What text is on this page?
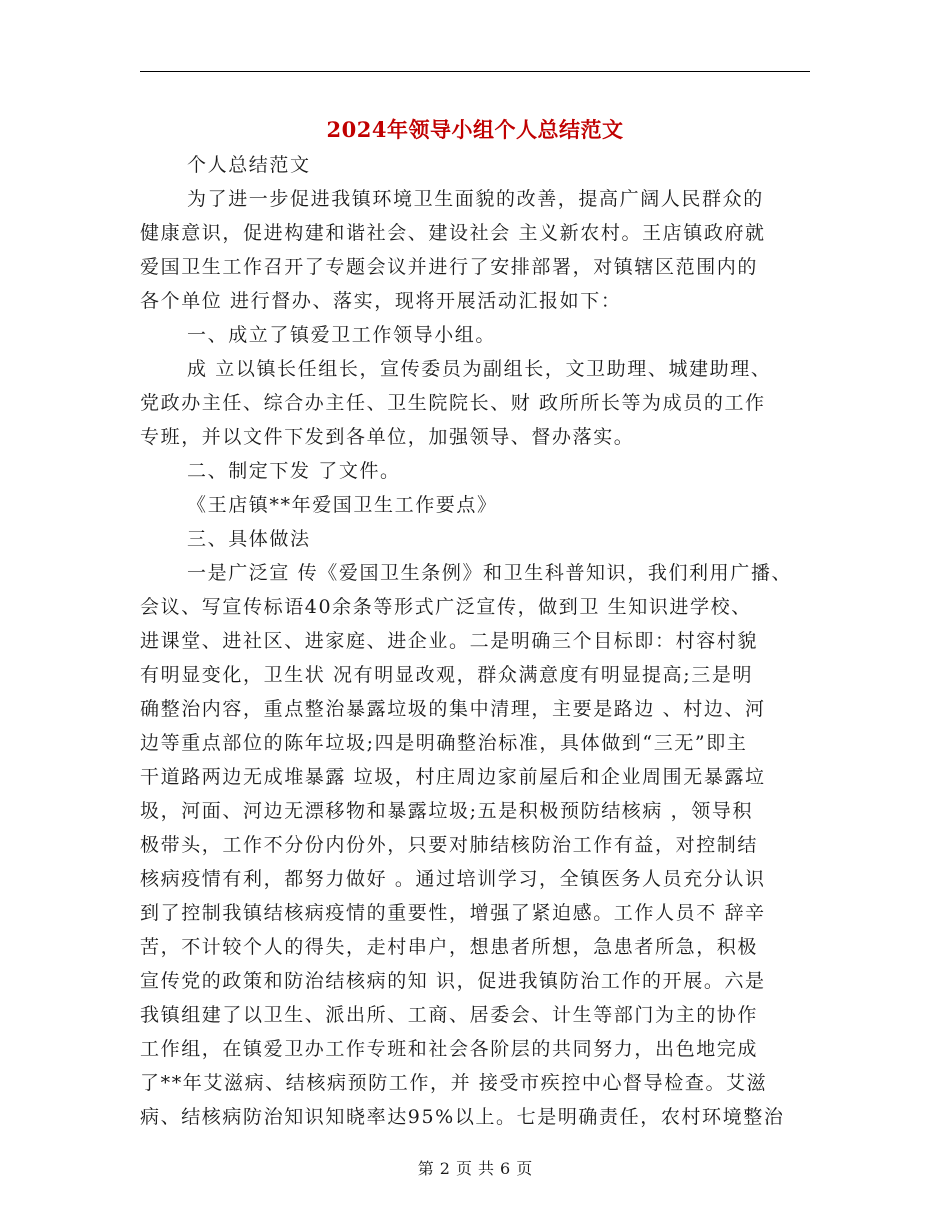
2024年领导小组个人总结范文
个人总结范文
为了进一步促进我镇环境卫生面貌的改善，提高广阔人民群众的
健康意识，促进构建和谐社会、建设社会 主义新农村。王店镇政府就
爱国卫生工作召开了专题会议并进行了安排部署，对镇辖区范围内的
各个单位 进行督办、落实，现将开展活动汇报如下：
一、成立了镇爱卫工作领导小组。
成 立以镇长任组长，宣传委员为副组长，文卫助理、城建助理、
党政办主任、综合办主任、卫生院院长、财 政所所长等为成员的工作
专班，并以文件下发到各单位，加强领导、督办落实。
二、制定下发 了文件。
《王店镇**年爱国卫生工作要点》
三、具体做法
一是广泛宣 传《爱国卫生条例》和卫生科普知识，我们利用广播、
会议、写宣传标语40余条等形式广泛宣传，做到卫 生知识进学校、
进课堂、进社区、进家庭、进企业。二是明确三个目标即：村容村貌
有明显变化，卫生状 况有明显改观，群众满意度有明显提高;三是明
确整治内容，重点整治暴露垃圾的集中清理，主要是路边 、村边、河
边等重点部位的陈年垃圾;四是明确整治标准，具体做到“三无”即主
干道路两边无成堆暴露 垃圾，村庄周边家前屋后和企业周围无暴露垃
圾，河面、河边无漂移物和暴露垃圾;五是积极预防结核病 ，领导积
极带头，工作不分份内份外，只要对肺结核防治工作有益，对控制结
核病疫情有利，都努力做好 。通过培训学习，全镇医务人员充分认识
到了控制我镇结核病疫情的重要性，增强了紧迫感。工作人员不 辞辛
苦，不计较个人的得失，走村串户，想患者所想，急患者所急，积极
宣传党的政策和防治结核病的知 识，促进我镇防治工作的开展。六是
我镇组建了以卫生、派出所、工商、居委会、计生等部门为主的协作
工作组，在镇爱卫办工作专班和社会各阶层的共同努力，出色地完成
了**年艾滋病、结核病预防工作，并 接受市疾控中心督导检查。艾滋
病、结核病防治知识知晓率达95%以上。七是明确责任，农村环境整治
第 2 页 共 6 页
